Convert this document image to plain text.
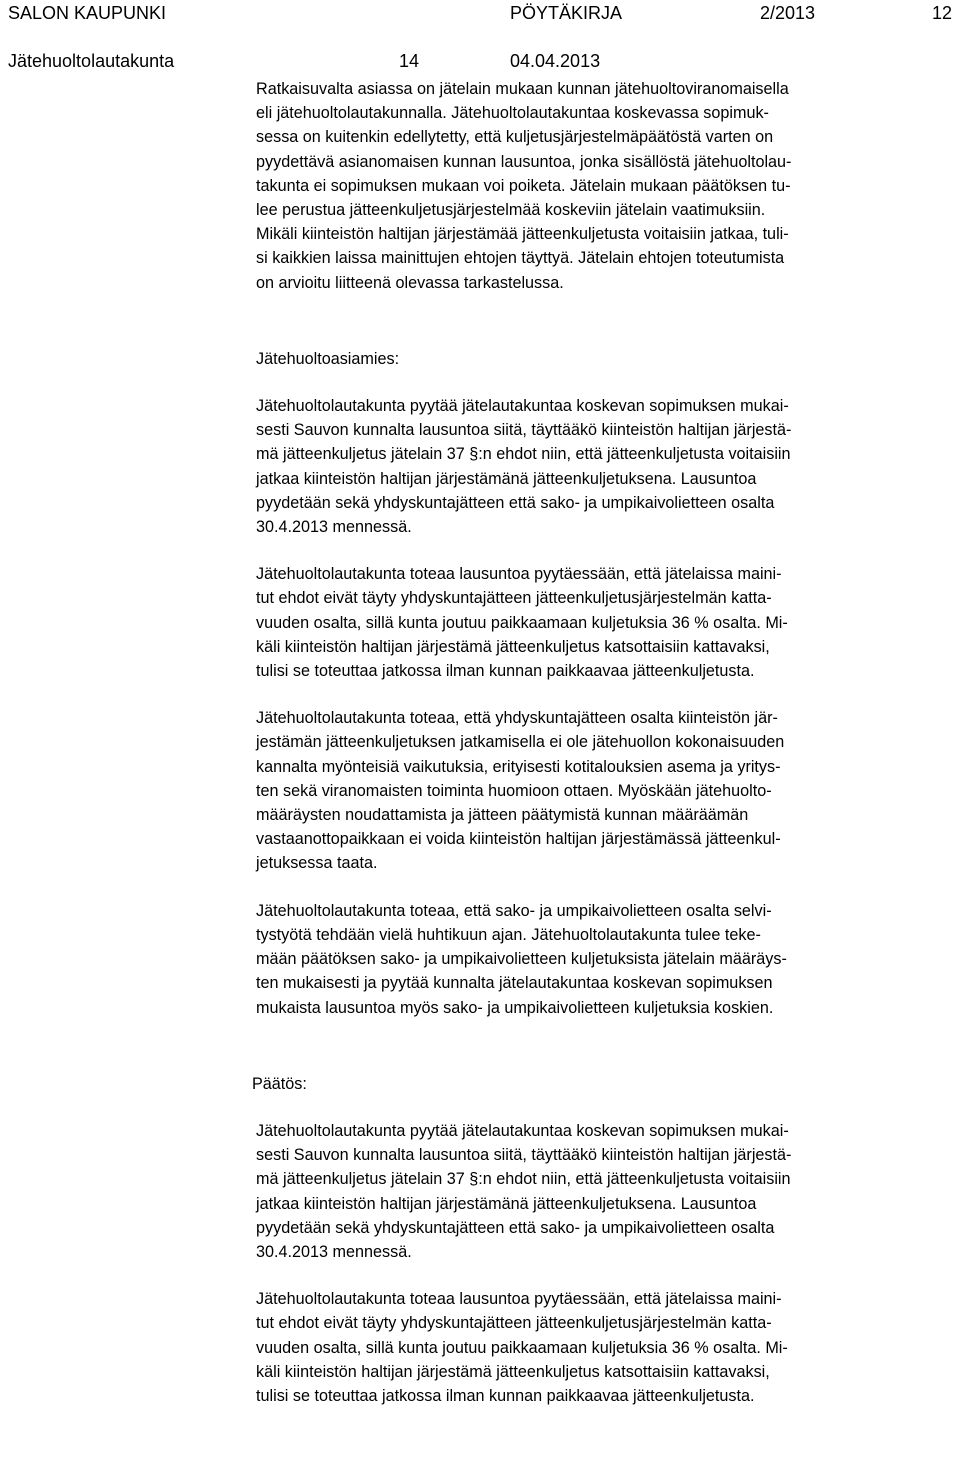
SALON KAUPUNKI	PÖYTÄKIRJA	2/2013	12
Jätehuoltolautakunta	14	04.04.2013

Ratkaisuvalta asiassa on jätelain mukaan kunnan jätehuoltoviranomaisella
eli jätehuoltolautakunnalla. Jätehuoltolautakuntaa koskevassa sopimuk-
sessa on kuitenkin edellytetty, että kuljetusjärjestelmäpäätöstä varten on
pyydettävä asianomaisen kunnan lausuntoa, jonka sisällöstä jätehuoltolau-
takunta ei sopimuksen mukaan voi poiketa. Jätelain mukaan päätöksen tu-
lee perustua jätteenkuljetusjärjestelmää koskeviin jätelain vaatimuksiin.
Mikäli kiinteistön haltijan järjestämää jätteenkuljetusta voitaisiin jatkaa, tuli-
si kaikkien laissa mainittujen ehtojen täyttyä. Jätelain ehtojen toteutumista
on arvioitu liitteenä olevassa tarkastelussa.

Jätehuoltoasiamies:

Jätehuoltolautakunta pyytää jätelautakuntaa koskevan sopimuksen mukai-
sesti Sauvon kunnalta lausuntoa siitä, täyttääkö kiinteistön haltijan järjestä-
mä jätteenkuljetus jätelain 37 §:n ehdot niin, että jätteenkuljetusta voitaisiin
jatkaa kiinteistön haltijan järjestämänä jätteenkuljetuksena. Lausuntoa
pyydetään sekä yhdyskuntajätteen että sako- ja umpikaivolietteen osalta
30.4.2013 mennessä.

Jätehuoltolautakunta toteaa lausuntoa pyytäessään, että jätelaissa maini-
tut ehdot eivät täyty yhdyskuntajätteen jätteenkuljetusjärjestelmän katta-
vuuden osalta, sillä kunta joutuu paikkaamaan kuljetuksia 36 % osalta. Mi-
käli kiinteistön haltijan järjestämä jätteenkuljetus katsottaisiin kattavaksi,
tulisi se toteuttaa jatkossa ilman kunnan paikkaavaa jätteenkuljetusta.

Jätehuoltolautakunta toteaa, että yhdyskuntajätteen osalta kiinteistön jär-
jestämän jätteenkuljetuksen jatkamisella ei ole jätehuollon kokonaisuuden
kannalta myönteisiä vaikutuksia, erityisesti kotitalouksien asema ja yritys-
ten sekä viranomaisten toiminta huomioon ottaen. Myöskään jätehuolto-
määräysten noudattamista ja jätteen päätymistä kunnan määräämän
vastaanottopaikkaan ei voida kiinteistön haltijan järjestämässä jätteenkul-
jetuksessa taata.

Jätehuoltolautakunta toteaa, että sako- ja umpikaivolietteen osalta selvi-
tystyötä tehdään vielä huhtikuun ajan. Jätehuoltolautakunta tulee teke-
mään päätöksen sako- ja umpikaivolietteen kuljetuksista jätelain määräys-
ten mukaisesti ja pyytää kunnalta jätelautakuntaa koskevan sopimuksen
mukaista lausuntoa myös sako- ja umpikaivolietteen kuljetuksia koskien.

Päätös:

Jätehuoltolautakunta pyytää jätelautakuntaa koskevan sopimuksen mukai-
sesti Sauvon kunnalta lausuntoa siitä, täyttääkö kiinteistön haltijan järjestä-
mä jätteenkuljetus jätelain 37 §:n ehdot niin, että jätteenkuljetusta voitaisiin
jatkaa kiinteistön haltijan järjestämänä jätteenkuljetuksena. Lausuntoa
pyydetään sekä yhdyskuntajätteen että sako- ja umpikaivolietteen osalta
30.4.2013 mennessä.

Jätehuoltolautakunta toteaa lausuntoa pyytäessään, että jätelaissa maini-
tut ehdot eivät täyty yhdyskuntajätteen jätteenkuljetusjärjestelmän katta-
vuuden osalta, sillä kunta joutuu paikkaamaan kuljetuksia 36 % osalta. Mi-
käli kiinteistön haltijan järjestämä jätteenkuljetus katsottaisiin kattavaksi,
tulisi se toteuttaa jatkossa ilman kunnan paikkaavaa jätteenkuljetusta.
